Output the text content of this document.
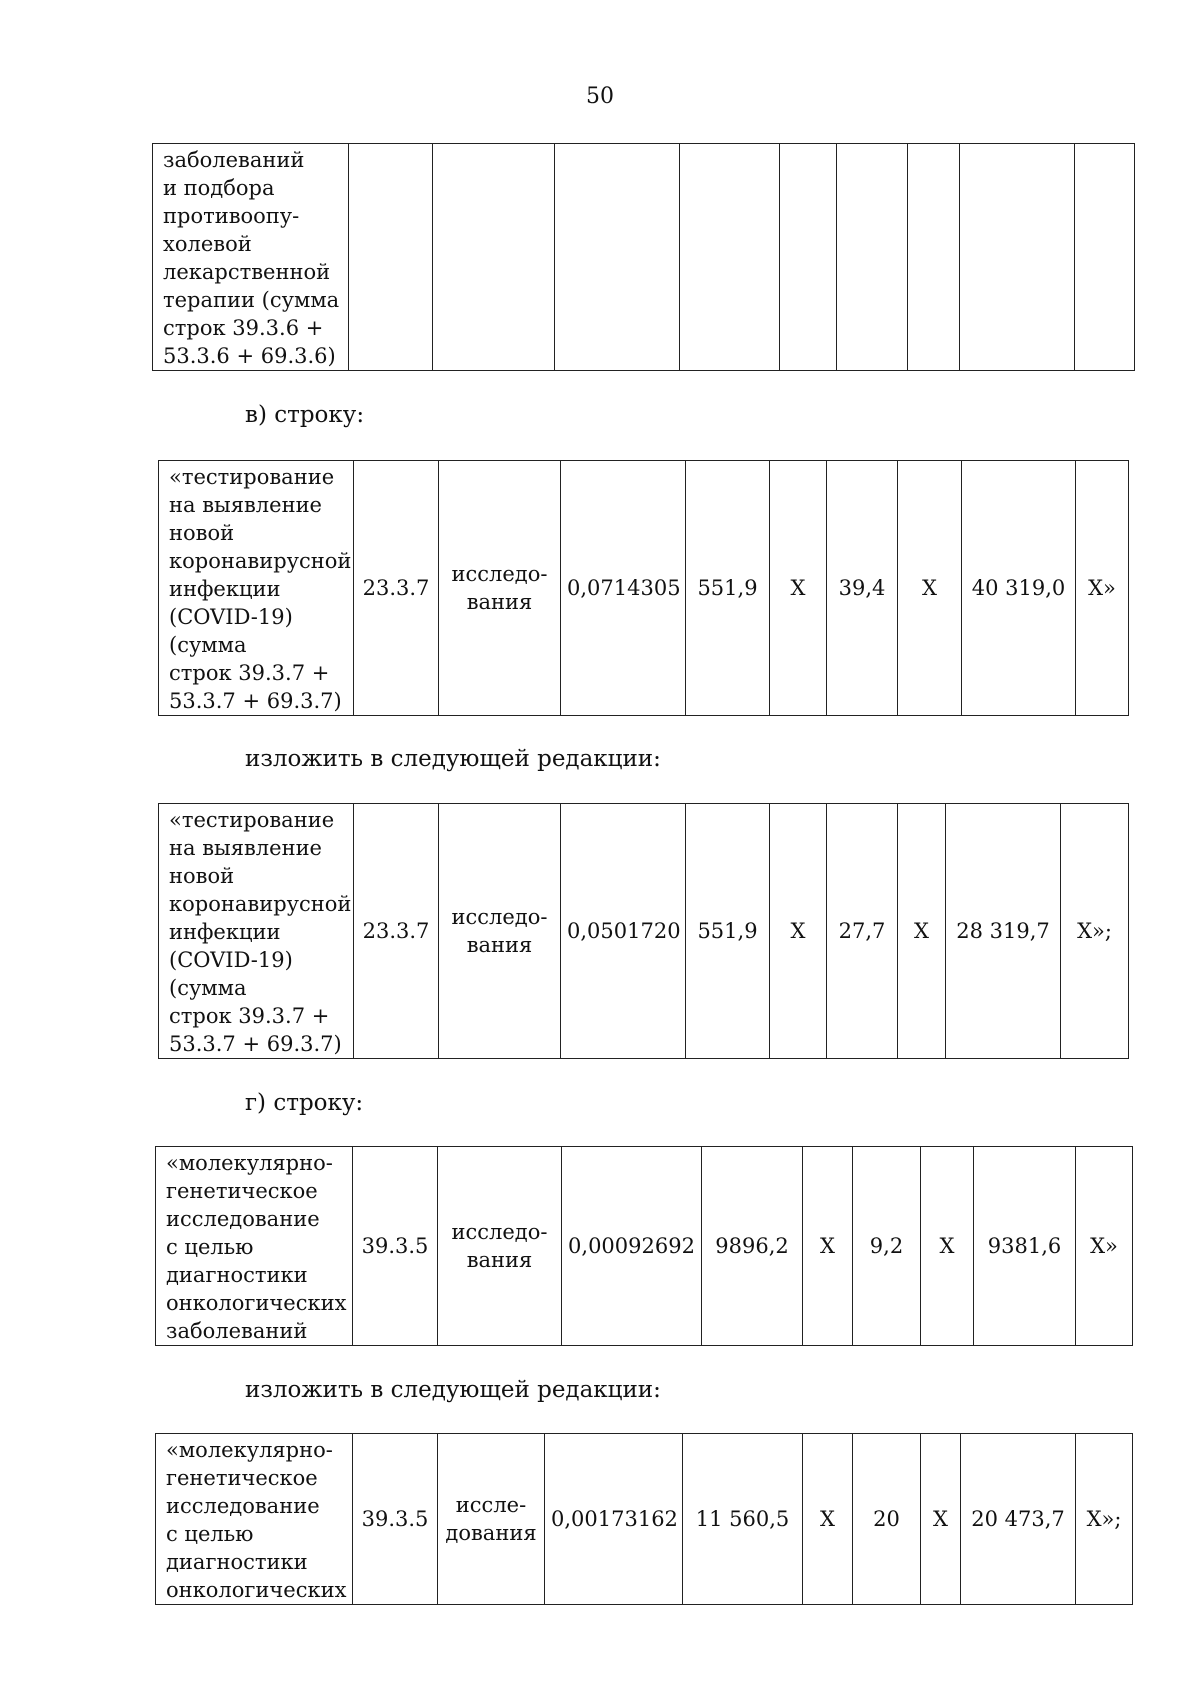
50
заболеваний
и подбора
противоопу-
холевой
лекарственной
терапии (сумма
строк 39.3.6 +
53.3.6 + 69.3.6)									
в) строку:
«тестирование
на выявление
новой
коронавирусной
инфекции
(COVID-19)
(сумма
строк 39.3.7 +
53.3.7 + 69.3.7)	23.3.7	исследо-
вания	0,0714305	551,9	Х	39,4	Х	40 319,0	Х»
изложить в следующей редакции:
«тестирование
на выявление
новой
коронавирусной
инфекции
(COVID-19)
(сумма
строк 39.3.7 +
53.3.7 + 69.3.7)	23.3.7	исследо-
вания	0,0501720	551,9	Х	27,7	Х	28 319,7	Х»;
г) строку:
«молекулярно-
генетическое
исследование
с целью
диагностики
онкологических
заболеваний	39.3.5	исследо-
вания	0,00092692	9896,2	Х	9,2	Х	9381,6	Х»
изложить в следующей редакции:
«молекулярно-
генетическое
исследование
с целью
диагностики
онкологических	39.3.5	иссле-
дования	0,00173162	11 560,5	Х	20	Х	20 473,7	Х»;
